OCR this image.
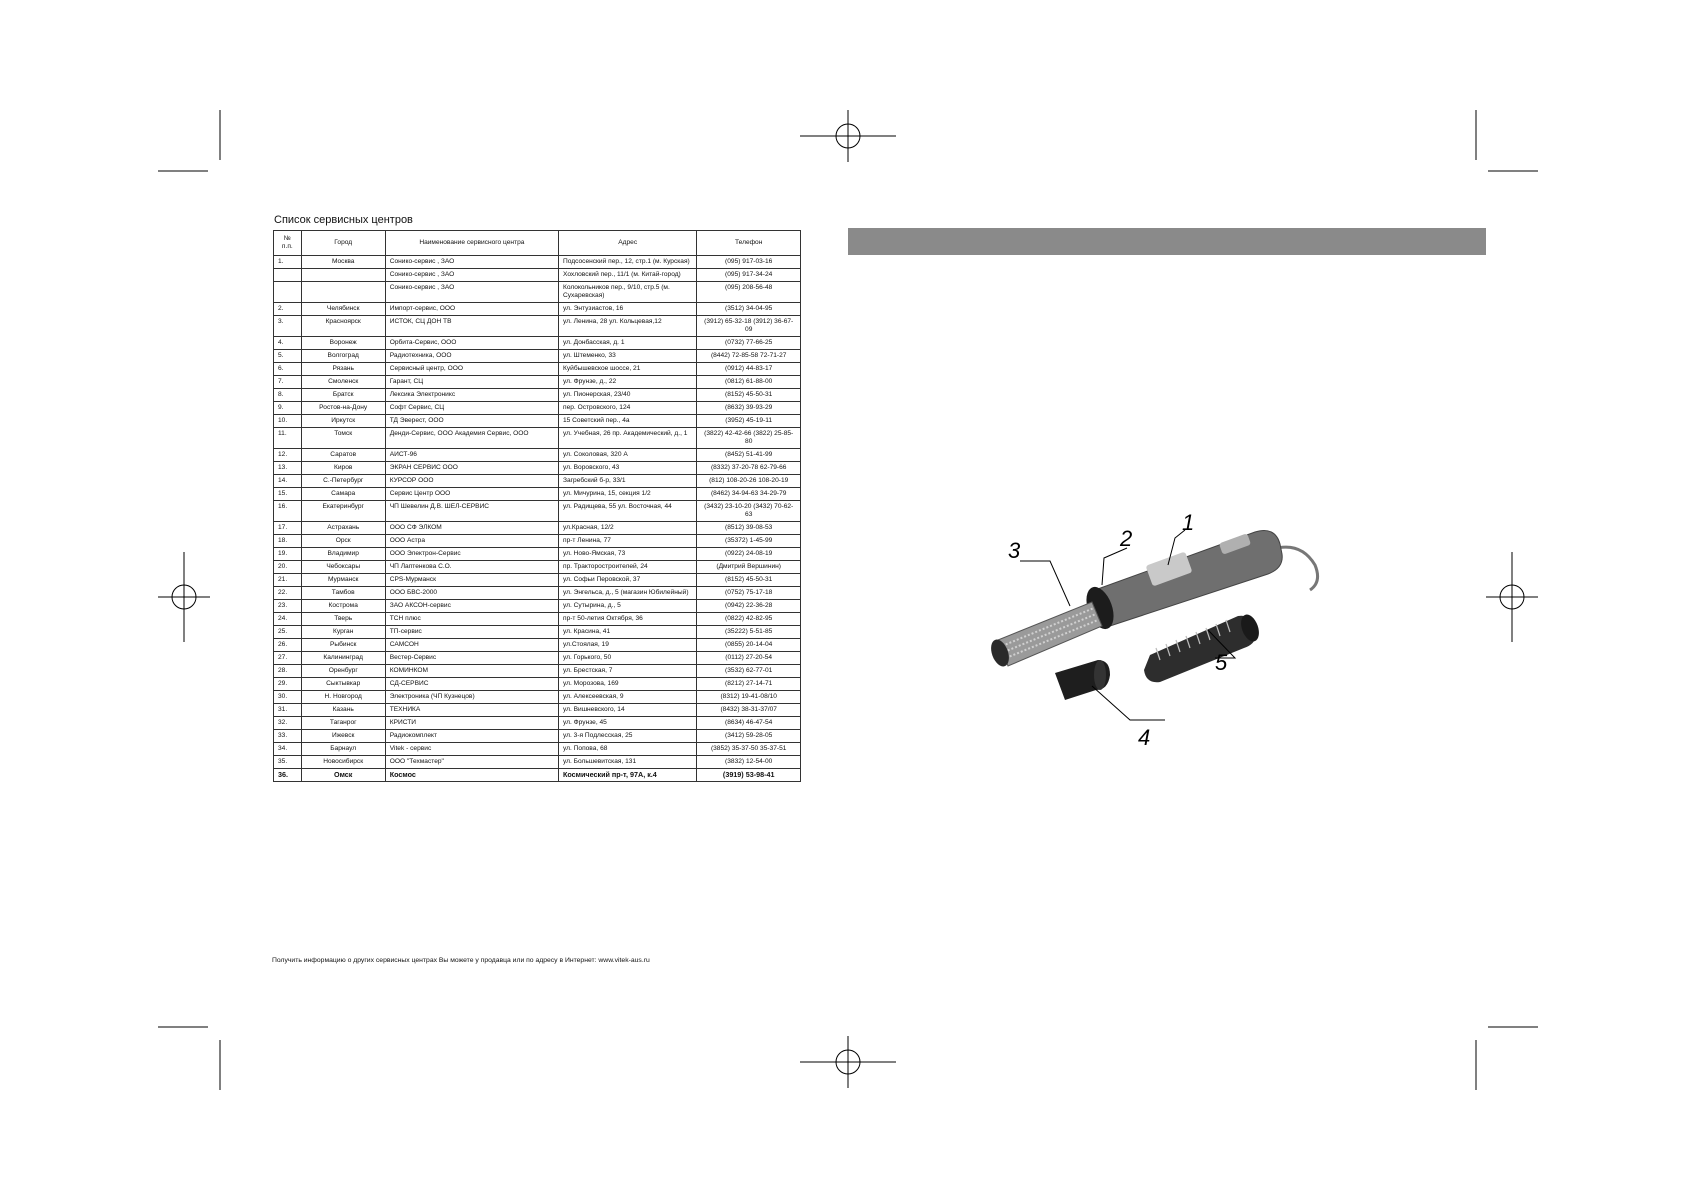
Список сервисных центров
№ п.п.	Город	Наименование сервисного центра	Адрес	Телефон
1.	Москва	Сонико-сервис , ЗАО	Подсосенский пер., 12, стр.1 (м. Курская)	(095) 917-03-16
		Сонико-сервис , ЗАО	Хохловский пер., 11/1 (м. Китай-город)	(095) 917-34-24
		Сонико-сервис , ЗАО	Колокольников пер., 9/10, стр.5 (м. Сухаревская)	(095) 208-56-48
2.	Челябинск	Импорт-сервис, ООО	ул. Энтузиастов, 16	(3512) 34-04-95
3.	Красноярск	ИСТОК, СЦ ДОН ТВ	ул. Ленина, 28 ул. Кольцевая,12	(3912) 65-32-18 (3912) 36-67-09
4.	Воронеж	Орбита-Сервис, ООО	ул. Донбасская, д. 1	(0732) 77-66-25
5.	Волгоград	Радиотехника, ООО	ул. Штеменко, 33	(8442) 72-85-58 72-71-27
6.	Рязань	Сервисный центр, ООО	Куйбышевское шоссе, 21	(0912) 44-83-17
7.	Смоленск	Гарант, СЦ	ул. Фрунзе, д., 22	(0812) 61-88-00
8.	Братск	Лексика Электроникс	ул. Пионерская, 23/40	(8152) 45-50-31
9.	Ростов-на-Дону	Софт Сервис, СЦ	пер. Островского, 124	(8632) 39-93-29
10.	Иркутск	ТД Эверест, ООО	15 Советский пер., 4а	(3952) 45-19-11
11.	Томск	Денди-Сервис, ООО Академия Сервис, ООО	ул. Учебная, 26 пр. Академический, д., 1	(3822) 42-42-66 (3822) 25-85-80
12.	Саратов	АИСТ-96	ул. Соколовая, 320 А	(8452) 51-41-99
13.	Киров	ЭКРАН СЕРВИС ООО	ул. Воровского, 43	(8332) 37-20-78 62-79-66
14.	С.-Петербург	КУРСОР ООО	Загребский б-р, 33/1	(812) 108-20-26 108-20-19
15.	Самара	Сервис Центр ООО	ул. Мичурина, 15, секция 1/2	(8462) 34-94-63 34-29-79
16.	Екатеринбург	ЧП Шевелин Д.В. ШЕЛ-СЕРВИС	ул. Радищева, 55 ул. Восточная, 44	(3432) 23-10-20 (3432) 70-62-63
17.	Астрахань	ООО СФ ЭЛКОМ	ул.Красная, 12/2	(8512) 39-08-53
18.	Орск	ООО Астра	пр-т Ленина, 77	(35372) 1-45-99
19.	Владимир	ООО Электрон-Сервис	ул. Ново-Ямская, 73	(0922) 24-08-19
20.	Чебоксары	ЧП Лаптенкова С.О.	пр. Тракторостроителей, 24	(Дмитрий Вершинин)
21.	Мурманск	CPS-Мурманск	ул. Софьи Перовской, 37	(8152) 45-50-31
22.	Тамбов	ООО БВС-2000	ул. Энгельса, д., 5 (магазин Юбилейный)	(0752) 75-17-18
23.	Кострома	ЗАО АКСОН-сервис	ул. Сутырина, д., 5	(0942) 22-36-28
24.	Тверь	ТСН плюс	пр-т 50-летия Октября, 36	(0822) 42-82-95
25.	Курган	ТП-сервис	ул. Красина, 41	(35222) 5-51-85
26.	Рыбинск	САМСОН	ул.Стоялая, 19	(0855) 20-14-04
27.	Калининград	Вестер-Сервис	ул. Горького, 50	(0112) 27-20-54
28.	Оренбург	КОМИНКОМ	ул. Брестская, 7	(3532) 62-77-01
29.	Сыктывкар	СД-СЕРВИС	ул. Морозова, 169	(8212) 27-14-71
30.	Н. Новгород	Электроника (ЧП Кузнецов)	ул. Алексеевская, 9	(8312) 19-41-08/10
31.	Казань	ТЕХНИКА	ул. Вишневского, 14	(8432) 38-31-37/07
32.	Таганрог	КРИСТИ	ул. Фрунзе, 45	(8634) 46-47-54
33.	Ижевск	Радиокомплект	ул. 3-я Подлесская, 25	(3412) 59-28-05
34.	Барнаул	Vitek - сервис	ул. Попова, 68	(3852) 35-37-50 35-37-51
35.	Новосибирск	ООО "Техмастер"	ул. Большевитская, 131	(3832) 12-54-00
36.	Омск	Космос	Космический пр-т, 97А, к.4	(3919) 53-98-41
Получить информацию о других сервисных центрах Вы можете у продавца или по адресу в Интернет: www.vitek-aus.ru
1
2
3
4
5
